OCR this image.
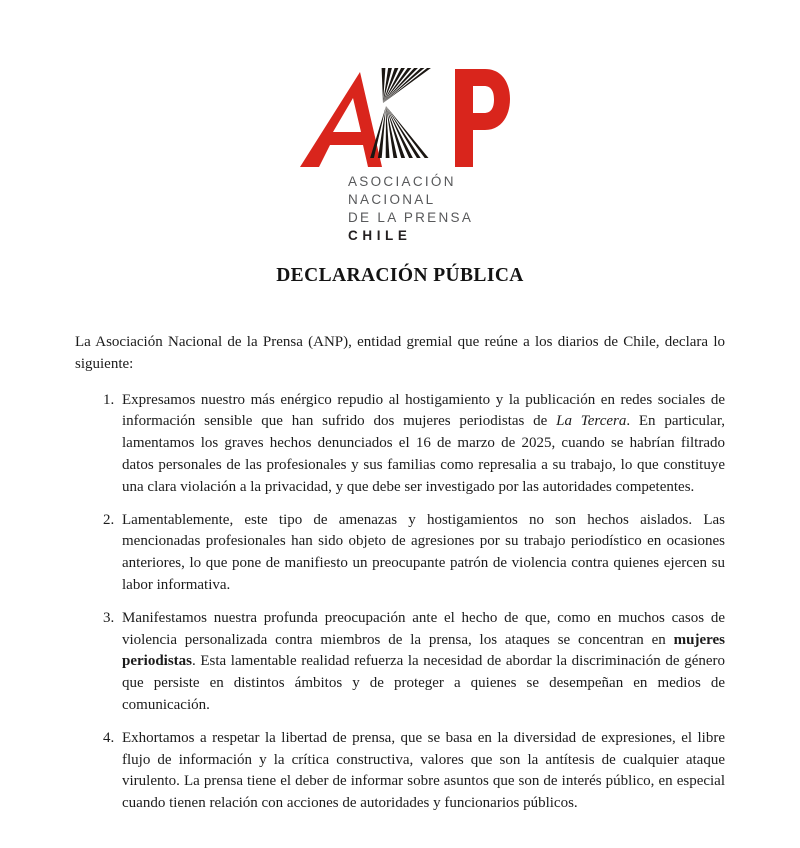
ASOCIACIÓN
NACIONAL
DE LA PRENSA
CHILE
DECLARACIÓN PÚBLICA

La Asociación Nacional de la Prensa (ANP), entidad gremial que reúne a los diarios de Chile, declara lo siguiente:

1. Expresamos nuestro más enérgico repudio al hostigamiento y la publicación en redes sociales de información sensible que han sufrido dos mujeres periodistas de La Tercera. En particular, lamentamos los graves hechos denunciados el 16 de marzo de 2025, cuando se habrían filtrado datos personales de las profesionales y sus familias como represalia a su trabajo, lo que constituye una clara violación a la privacidad, y que debe ser investigado por las autoridades competentes.
2. Lamentablemente, este tipo de amenazas y hostigamientos no son hechos aislados. Las mencionadas profesionales han sido objeto de agresiones por su trabajo periodístico en ocasiones anteriores, lo que pone de manifiesto un preocupante patrón de violencia contra quienes ejercen su labor informativa.
3. Manifestamos nuestra profunda preocupación ante el hecho de que, como en muchos casos de violencia personalizada contra miembros de la prensa, los ataques se concentran en mujeres periodistas. Esta lamentable realidad refuerza la necesidad de abordar la discriminación de género que persiste en distintos ámbitos y de proteger a quienes se desempeñan en medios de comunicación.
4. Exhortamos a respetar la libertad de prensa, que se basa en la diversidad de expresiones, el libre flujo de información y la crítica constructiva, valores que son la antítesis de cualquier ataque virulento. La prensa tiene el deber de informar sobre asuntos que son de interés público, en especial cuando tienen relación con acciones de autoridades y funcionarios públicos.
